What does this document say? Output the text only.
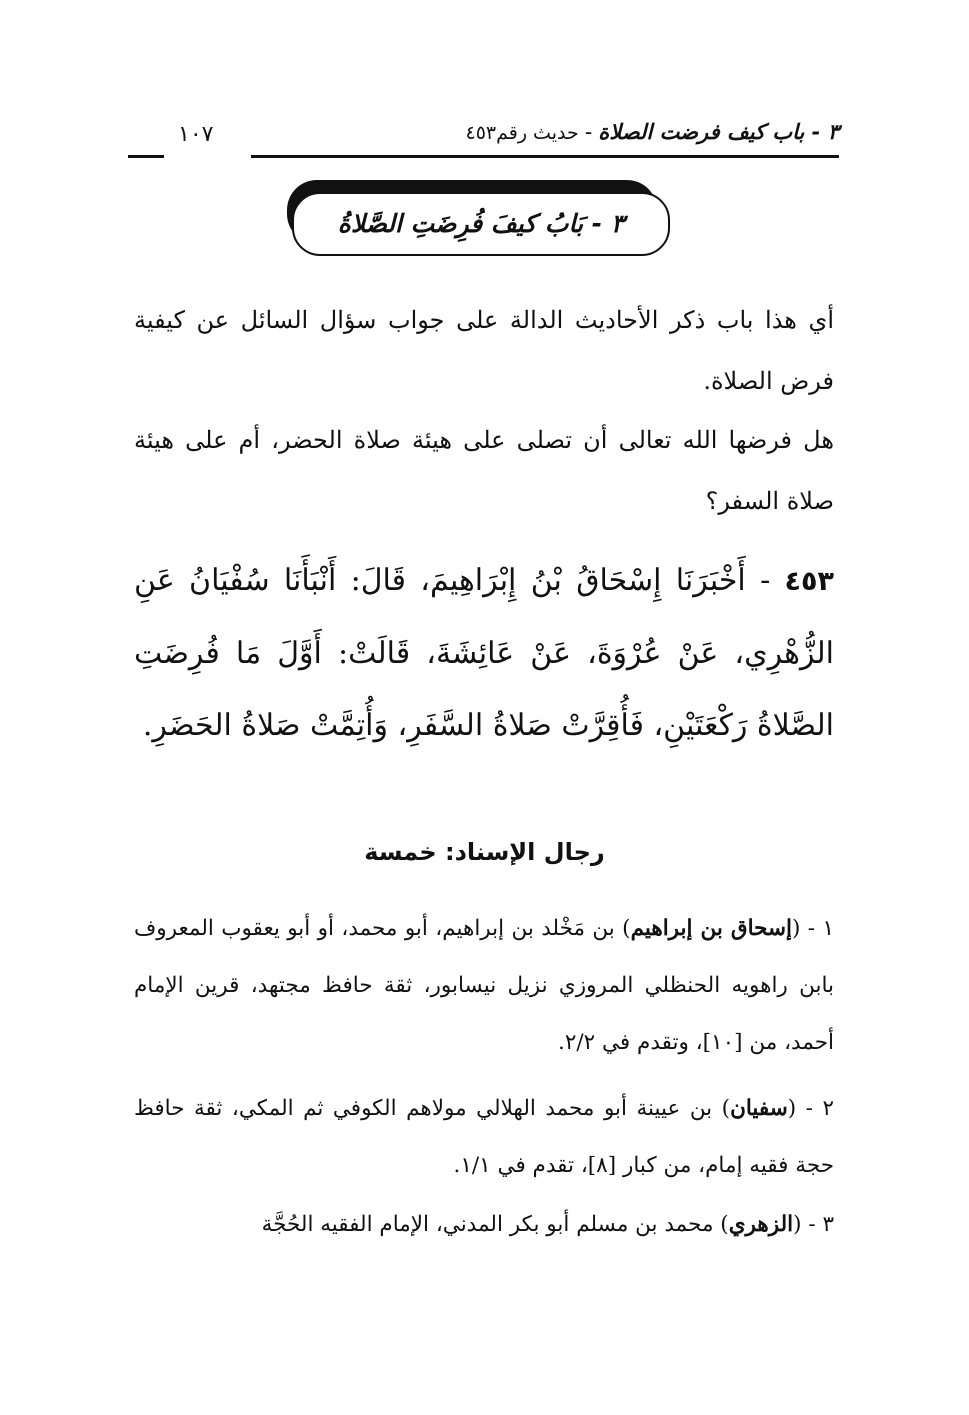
٣ - باب كيف فرضت الصلاة-حديث رقم٤٥٣
١٠٧
٣ - بَابُ كيفَ فُرِضَتِ الصَّلاةُ

أي هذا باب ذكر الأحاديث الدالة على جواب سؤال السائل عن كيفية فرض الصلاة.

هل فرضها الله تعالى أن تصلى على هيئة صلاة الحضر، أم على هيئة صلاة السفر؟

٤٥٣ - أَخْبَرَنَا إِسْحَاقُ بْنُ إِبْرَاهِيمَ، قَالَ: أَنْبَأَنَا سُفْيَانُ عَنِ الزُّهْرِي، عَنْ عُرْوَةَ، عَنْ عَائِشَةَ، قَالَتْ: أَوَّلَ مَا فُرِضَتِ الصَّلاةُ رَكْعَتَيْنِ، فَأُقِرَّتْ صَلاةُ السَّفَرِ، وَأُتِمَّتْ صَلاةُ الحَضَرِ.

رجال الإسناد: خمسة

١ - (إسحاق بن إبراهيم) بن مَخْلد بن إبراهيم، أبو محمد، أو أبو يعقوب المعروف بابن راهويه الحنظلي المروزي نزيل نيسابور، ثقة حافظ مجتهد، قرين الإمام أحمد، من [١٠]، وتقدم في ٢/٢.

٢ - (سفيان) بن عيينة أبو محمد الهلالي مولاهم الكوفي ثم المكي، ثقة حافظ حجة فقيه إمام، من كبار [٨]، تقدم في ١/١.

٣ - (الزهري) محمد بن مسلم أبو بكر المدني، الإمام الفقيه الحُجَّة
